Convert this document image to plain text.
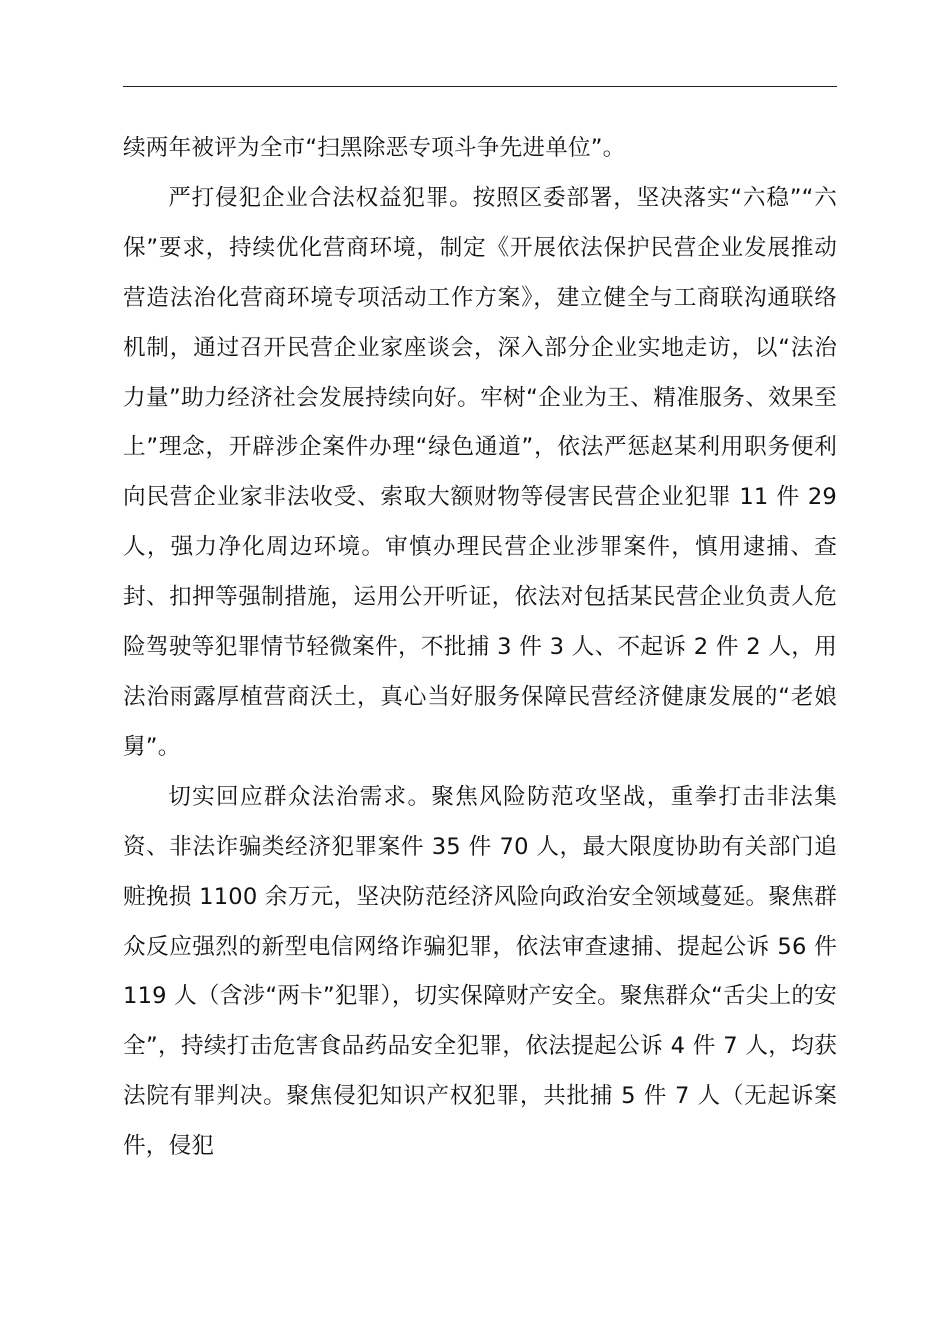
续两年被评为全市“扫黑除恶专项斗争先进单位”。

严打侵犯企业合法权益犯罪。按照区委部署，坚决落实“六稳”“六保”要求，持续优化营商环境，制定《开展依法保护民营企业发展推动营造法治化营商环境专项活动工作方案》，建立健全与工商联沟通联络机制，通过召开民营企业家座谈会，深入部分企业实地走访，以“法治力量”助力经济社会发展持续向好。牢树“企业为王、精准服务、效果至上”理念，开辟涉企案件办理“绿色通道”，依法严惩赵某利用职务便利向民营企业家非法收受、索取大额财物等侵害民营企业犯罪 11 件 29 人，强力净化周边环境。审慎办理民营企业涉罪案件，慎用逮捕、查封、扣押等强制措施，运用公开听证，依法对包括某民营企业负责人危险驾驶等犯罪情节轻微案件，不批捕 3 件 3 人、不起诉 2 件 2 人，用法治雨露厚植营商沃土，真心当好服务保障民营经济健康发展的“老娘舅”。

切实回应群众法治需求。聚焦风险防范攻坚战，重拳打击非法集资、非法诈骗类经济犯罪案件 35 件 70 人，最大限度协助有关部门追赃挽损 1100 余万元，坚决防范经济风险向政治安全领域蔓延。聚焦群众反应强烈的新型电信网络诈骗犯罪，依法审查逮捕、提起公诉 56 件 119 人（含涉“两卡”犯罪），切实保障财产安全。聚焦群众“舌尖上的安全”，持续打击危害食品药品安全犯罪，依法提起公诉 4 件 7 人，均获法院有罪判决。聚焦侵犯知识产权犯罪，共批捕 5 件 7 人（无起诉案件，侵犯
